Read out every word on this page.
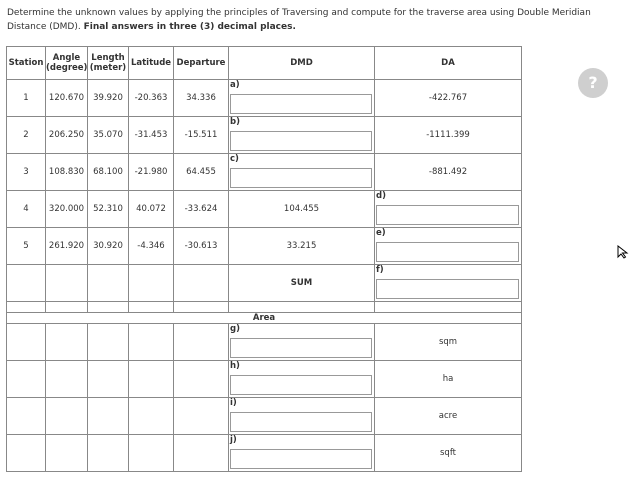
Determine the unknown values by applying the principles of Traversing and compute for the traverse area using Double Meridian Distance (DMD). Final answers in three (3) decimal places.
Station	Angle (degree)	Length (meter)	Latitude	Departure	DMD	DA
1	120.670	39.920	-20.363	34.336	a)	-422.767
2	206.250	35.070	-31.453	-15.511	b)	-1111.399
3	108.830	68.100	-21.980	64.455	c)	-881.492
4	320.000	52.310	40.072	-33.624	104.455	d)

5	261.920	30.920	-4.346	-30.613	33.215	e)

					SUM	f)

Area						

					g)	sqm

					h)	ha

					i)	acre

					j)	sqft
?
